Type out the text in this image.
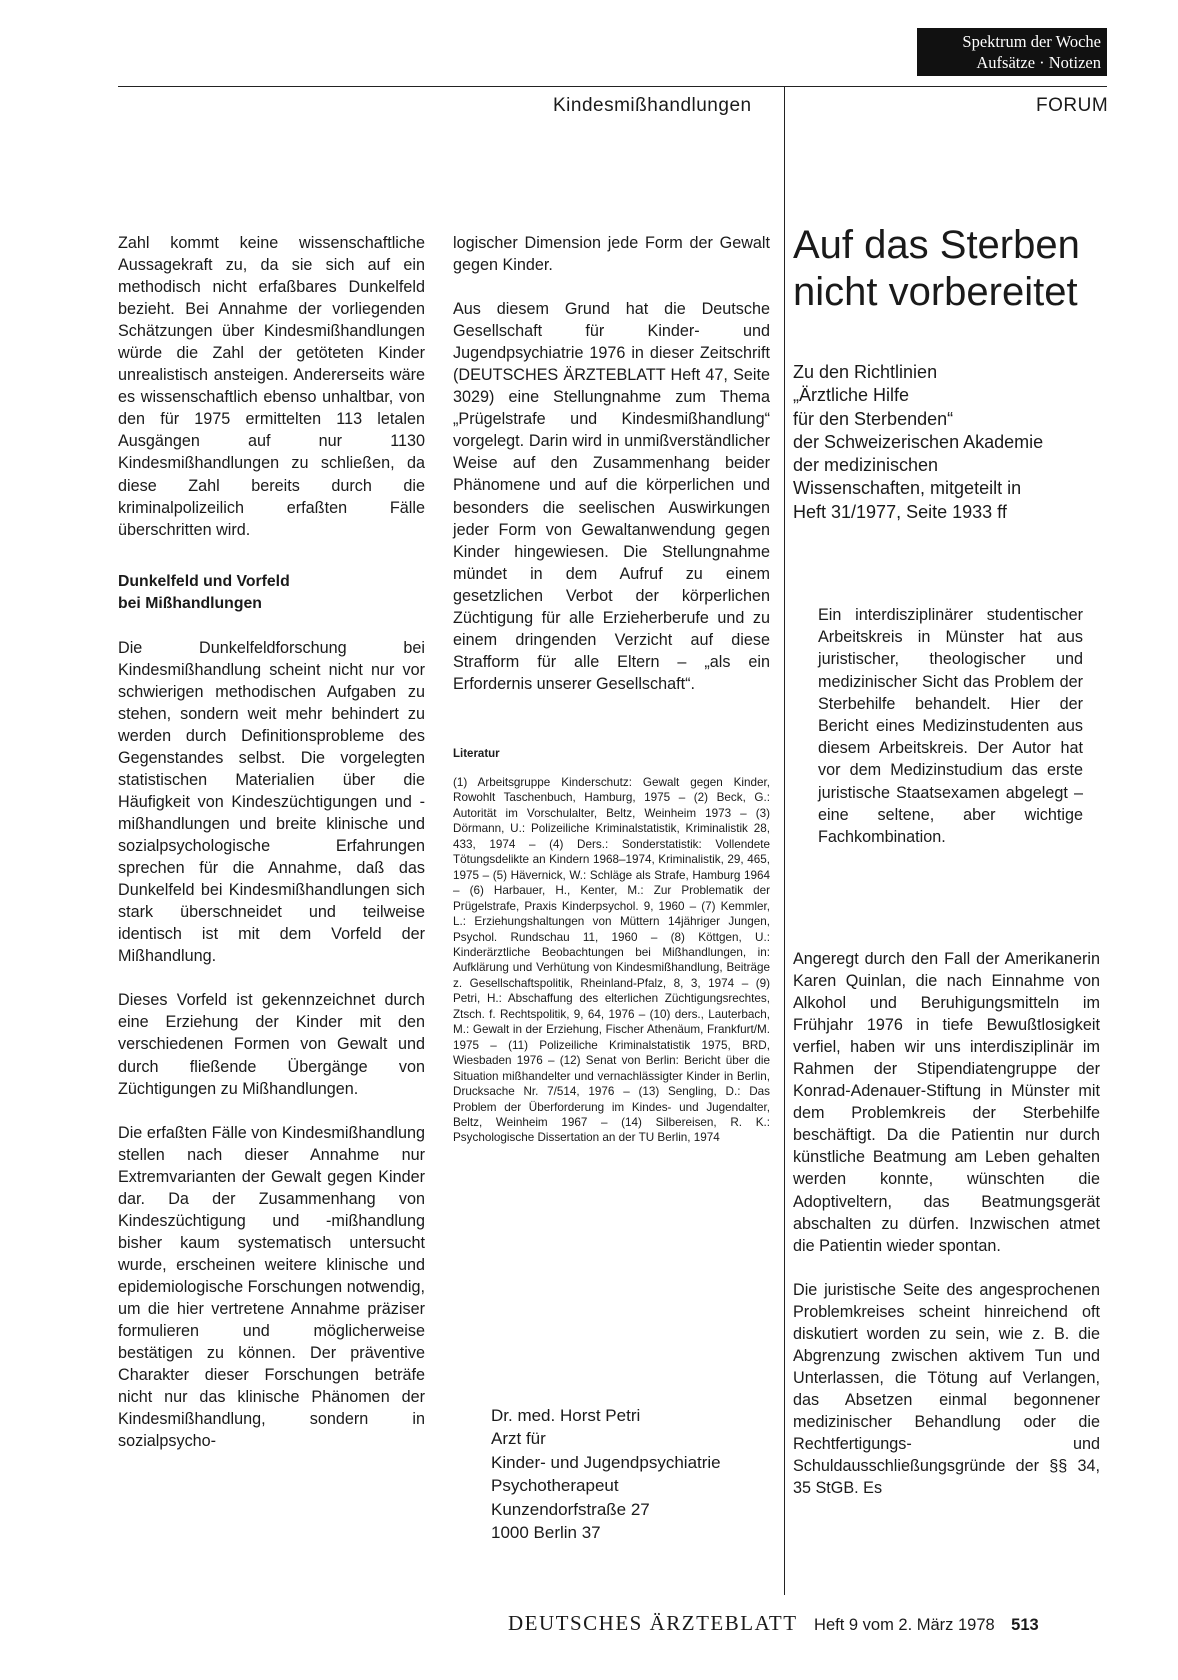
Spektrum der Woche
Aufsätze · Notizen
Kindesmißhandlungen	FORUM

Zahl kommt keine wissenschaftliche Aussagekraft zu, da sie sich auf ein methodisch nicht erfaßbares Dunkelfeld bezieht. Bei Annahme der vorliegenden Schätzungen über Kindesmißhandlungen würde die Zahl der getöteten Kinder unrealistisch ansteigen. Andererseits wäre es wissenschaftlich ebenso unhaltbar, von den für 1975 ermittelten 113 letalen Ausgängen auf nur 1130 Kindesmißhandlungen zu schließen, da diese Zahl bereits durch die kriminalpolizeilich erfaßten Fälle überschritten wird.

Dunkelfeld und Vorfeld
bei Mißhandlungen

Die Dunkelfeldforschung bei Kindesmißhandlung scheint nicht nur vor schwierigen methodischen Aufgaben zu stehen, sondern weit mehr behindert zu werden durch Definitionsprobleme des Gegenstandes selbst. Die vorgelegten statistischen Materialien über die Häufigkeit von Kindeszüchtigungen und -mißhandlungen und breite klinische und sozialpsychologische Erfahrungen sprechen für die Annahme, daß das Dunkelfeld bei Kindesmißhandlungen sich stark überschneidet und teilweise identisch ist mit dem Vorfeld der Mißhandlung.

Dieses Vorfeld ist gekennzeichnet durch eine Erziehung der Kinder mit den verschiedenen Formen von Gewalt und durch fließende Übergänge von Züchtigungen zu Mißhandlungen.

Die erfaßten Fälle von Kindesmißhandlung stellen nach dieser Annahme nur Extremvarianten der Gewalt gegen Kinder dar. Da der Zusammenhang von Kindeszüchtigung und -mißhandlung bisher kaum systematisch untersucht wurde, erscheinen weitere klinische und epidemiologische Forschungen notwendig, um die hier vertretene Annahme präziser formulieren und möglicherweise bestätigen zu können. Der präventive Charakter dieser Forschungen beträfe nicht nur das klinische Phänomen der Kindesmißhandlung, sondern in sozialpsycho-

logischer Dimension jede Form der Gewalt gegen Kinder.

Aus diesem Grund hat die Deutsche Gesellschaft für Kinder- und Jugendpsychiatrie 1976 in dieser Zeitschrift (DEUTSCHES ÄRZTEBLATT Heft 47, Seite 3029) eine Stellungnahme zum Thema „Prügelstrafe und Kindesmißhandlung“ vorgelegt. Darin wird in unmißverständlicher Weise auf den Zusammenhang beider Phänomene und auf die körperlichen und besonders die seelischen Auswirkungen jeder Form von Gewaltanwendung gegen Kinder hingewiesen. Die Stellungnahme mündet in dem Aufruf zu einem gesetzlichen Verbot der körperlichen Züchtigung für alle Erzieherberufe und zu einem dringenden Verzicht auf diese Strafform für alle Eltern – „als ein Erfordernis unserer Gesellschaft“.

Literatur

(1) Arbeitsgruppe Kinderschutz: Gewalt gegen Kinder, Rowohlt Taschenbuch, Hamburg, 1975 – (2) Beck, G.: Autorität im Vorschulalter, Beltz, Weinheim 1973 – (3) Dörmann, U.: Polizeiliche Kriminalstatistik, Kriminalistik 28, 433, 1974 – (4) Ders.: Sonderstatistik: Vollendete Tötungsdelikte an Kindern 1968–1974, Kriminalistik, 29, 465, 1975 – (5) Hävernick, W.: Schläge als Strafe, Hamburg 1964 – (6) Harbauer, H., Kenter, M.: Zur Problematik der Prügelstrafe, Praxis Kinderpsychol. 9, 1960 – (7) Kemmler, L.: Erziehungshaltungen von Müttern 14jähriger Jungen, Psychol. Rundschau 11, 1960 – (8) Köttgen, U.: Kinderärztliche Beobachtungen bei Mißhandlungen, in: Aufklärung und Verhütung von Kindesmißhandlung, Beiträge z. Gesellschaftspolitik, Rheinland-Pfalz, 8, 3, 1974 – (9) Petri, H.: Abschaffung des elterlichen Züchtigungsrechtes, Ztsch. f. Rechtspolitik, 9, 64, 1976 – (10) ders., Lauterbach, M.: Gewalt in der Erziehung, Fischer Athenäum, Frankfurt/M. 1975 – (11) Polizeiliche Kriminalstatistik 1975, BRD, Wiesbaden 1976 – (12) Senat von Berlin: Bericht über die Situation mißhandelter und vernachlässigter Kinder in Berlin, Drucksache Nr. 7/514, 1976 – (13) Sengling, D.: Das Problem der Überforderung im Kindes- und Jugendalter, Beltz, Weinheim 1967 – (14) Silbereisen, R. K.: Psychologische Dissertation an der TU Berlin, 1974

Dr. med. Horst Petri
Arzt für
Kinder- und Jugendpsychiatrie
Psychotherapeut
Kunzendorfstraße 27
1000 Berlin 37
Auf das Sterben
nicht vorbereitet
Zu den Richtlinien
„Ärztliche Hilfe
für den Sterbenden“
der Schweizerischen Akademie
der medizinischen
Wissenschaften, mitgeteilt in
Heft 31/1977, Seite 1933 ff

Ein interdisziplinärer studentischer Arbeitskreis in Münster hat aus juristischer, theologischer und medizinischer Sicht das Problem der Sterbehilfe behandelt. Hier der Bericht eines Medizinstudenten aus diesem Arbeitskreis. Der Autor hat vor dem Medizinstudium das erste juristische Staatsexamen abgelegt – eine seltene, aber wichtige Fachkombination.

Angeregt durch den Fall der Amerikanerin Karen Quinlan, die nach Einnahme von Alkohol und Beruhigungsmitteln im Frühjahr 1976 in tiefe Bewußtlosigkeit verfiel, haben wir uns interdisziplinär im Rahmen der Stipendiatengruppe der Konrad-Adenauer-Stiftung in Münster mit dem Problemkreis der Sterbehilfe beschäftigt. Da die Patientin nur durch künstliche Beatmung am Leben gehalten werden konnte, wünschten die Adoptiveltern, das Beatmungsgerät abschalten zu dürfen. Inzwischen atmet die Patientin wieder spontan.

Die juristische Seite des angesprochenen Problemkreises scheint hinreichend oft diskutiert worden zu sein, wie z. B. die Abgrenzung zwischen aktivem Tun und Unterlassen, die Tötung auf Verlangen, das Absetzen einmal begonnener medizinischer Behandlung oder die Rechtfertigungs- und Schuldausschließungsgründe der §§ 34, 35 StGB. Es

DEUTSCHES ÄRZTEBLATT Heft 9 vom 2. März 1978 513
